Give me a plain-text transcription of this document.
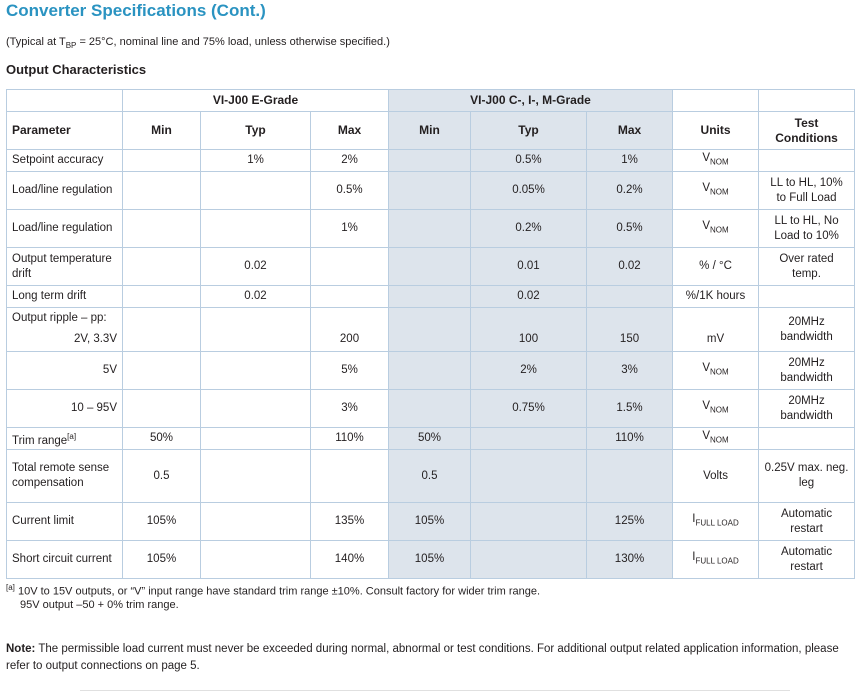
Converter Specifications (Cont.)
(Typical at $T_{BP} = 25^\circ C$, nominal line and 75% load, unless otherwise specified.)
Output Characteristics
	VI-J00 E-Grade			VI-J00 C-, I-, M-Grade				
Parameter	Min	Typ	Max	Min	Typ	Max	Units	Test Conditions
Setpoint accuracy		1%	2%		0.5%	1%	$V_{NOM}$	
Load/line regulation			0.5%		0.05%	0.2%	$V_{NOM}$	LL to HL, 10% to Full Load
Load/line regulation			1%		0.2%	0.5%	$V_{NOM}$	LL to HL, No Load to 10%
Output temperature drift		0.02			0.01	0.02	% / °C	Over rated temp.
Long term drift		0.02			0.02		%/1K hours	
Output ripple – pp:								20MHz bandwidth
2V, 3.3V			200		100	150	mV	
5V			5%		2%	3%	$V_{NOM}$	20MHz bandwidth
10 – 95V			3%		0.75%	1.5%	$V_{NOM}$	20MHz bandwidth
Trim range[a]	50%		110%	50%		110%	$V_{NOM}$	
Total remote sense compensation	0.5			0.5			Volts	0.25V max. neg. leg
Current limit	105%		135%	105%		125%	$I_{FULL LOAD}$	Automatic restart
Short circuit current	105%		140%	105%		130%	$I_{FULL LOAD}$	Automatic restart
[a] 10V to 15V outputs, or “V” input range have standard trim range ±10%. Consult factory for wider trim range.
95V output –50 + 0% trim range.
Note: The permissible load current must never be exceeded during normal, abnormal or test conditions. For additional output related application information, please refer to output connections on page 5.
